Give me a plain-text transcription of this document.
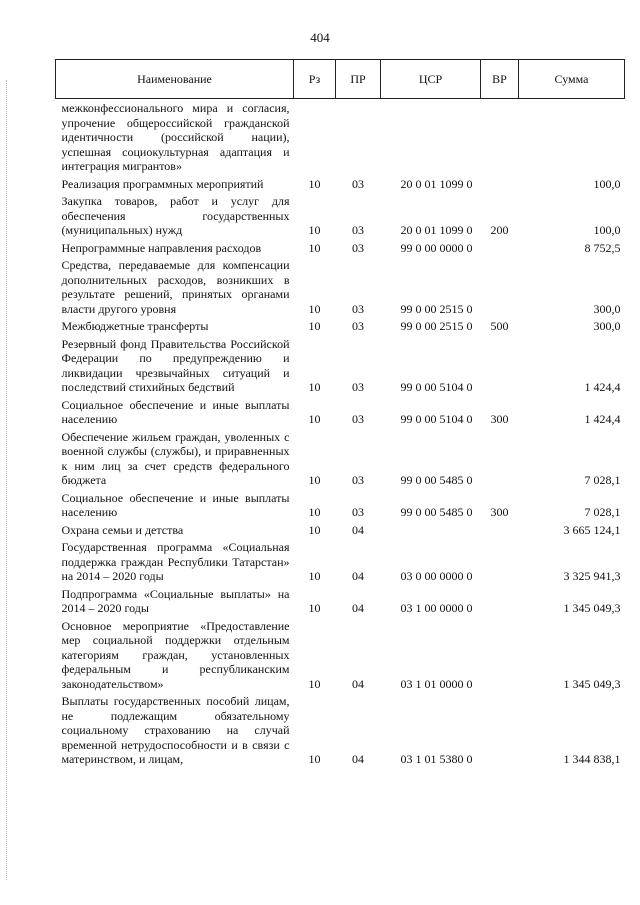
404
Наименование	Рз	ПР	ЦСР	ВР	Сумма
межконфессионального мира и согласия, упрочение общероссийской гражданской идентичности (российской нации), успешная социокультурная адаптация и интеграция мигрантов»					
Реализация программных мероприятий	10	03	20 0 01 1099 0		100,0
Закупка товаров, работ и услуг для обеспечения государственных (муниципальных) нужд	10	03	20 0 01 1099 0	200	100,0
Непрограммные направления расходов	10	03	99 0 00 0000 0		8 752,5
Средства, передаваемые для компенсации дополнительных расходов, возникших в результате решений, принятых органами власти другого уровня	10	03	99 0 00 2515 0		300,0
Межбюджетные трансферты	10	03	99 0 00 2515 0	500	300,0
Резервный фонд Правительства Российской Федерации по предупреждению и ликвидации чрезвычайных ситуаций и последствий стихийных бедствий	10	03	99 0 00 5104 0		1 424,4
Социальное обеспечение и иные выплаты населению	10	03	99 0 00 5104 0	300	1 424,4
Обеспечение жильем граждан, уволенных с военной службы (службы), и приравненных к ним лиц за счет средств федерального бюджета	10	03	99 0 00 5485 0		7 028,1
Социальное обеспечение и иные выплаты населению	10	03	99 0 00 5485 0	300	7 028,1
Охрана семьи и детства	10	04			3 665 124,1
Государственная программа «Социальная поддержка граждан Республики Татарстан» на 2014 – 2020 годы	10	04	03 0 00 0000 0		3 325 941,3
Подпрограмма «Социальные выплаты» на 2014 – 2020 годы	10	04	03 1 00 0000 0		1 345 049,3
Основное мероприятие «Предоставление мер социальной поддержки отдельным категориям граждан, установленных федеральным и республиканским законодательством»	10	04	03 1 01 0000 0		1 345 049,3
Выплаты государственных пособий лицам, не подлежащим обязательному социальному страхованию на случай временной нетрудоспособности и в связи с материнством, и лицам,	10	04	03 1 01 5380 0		1 344 838,1
